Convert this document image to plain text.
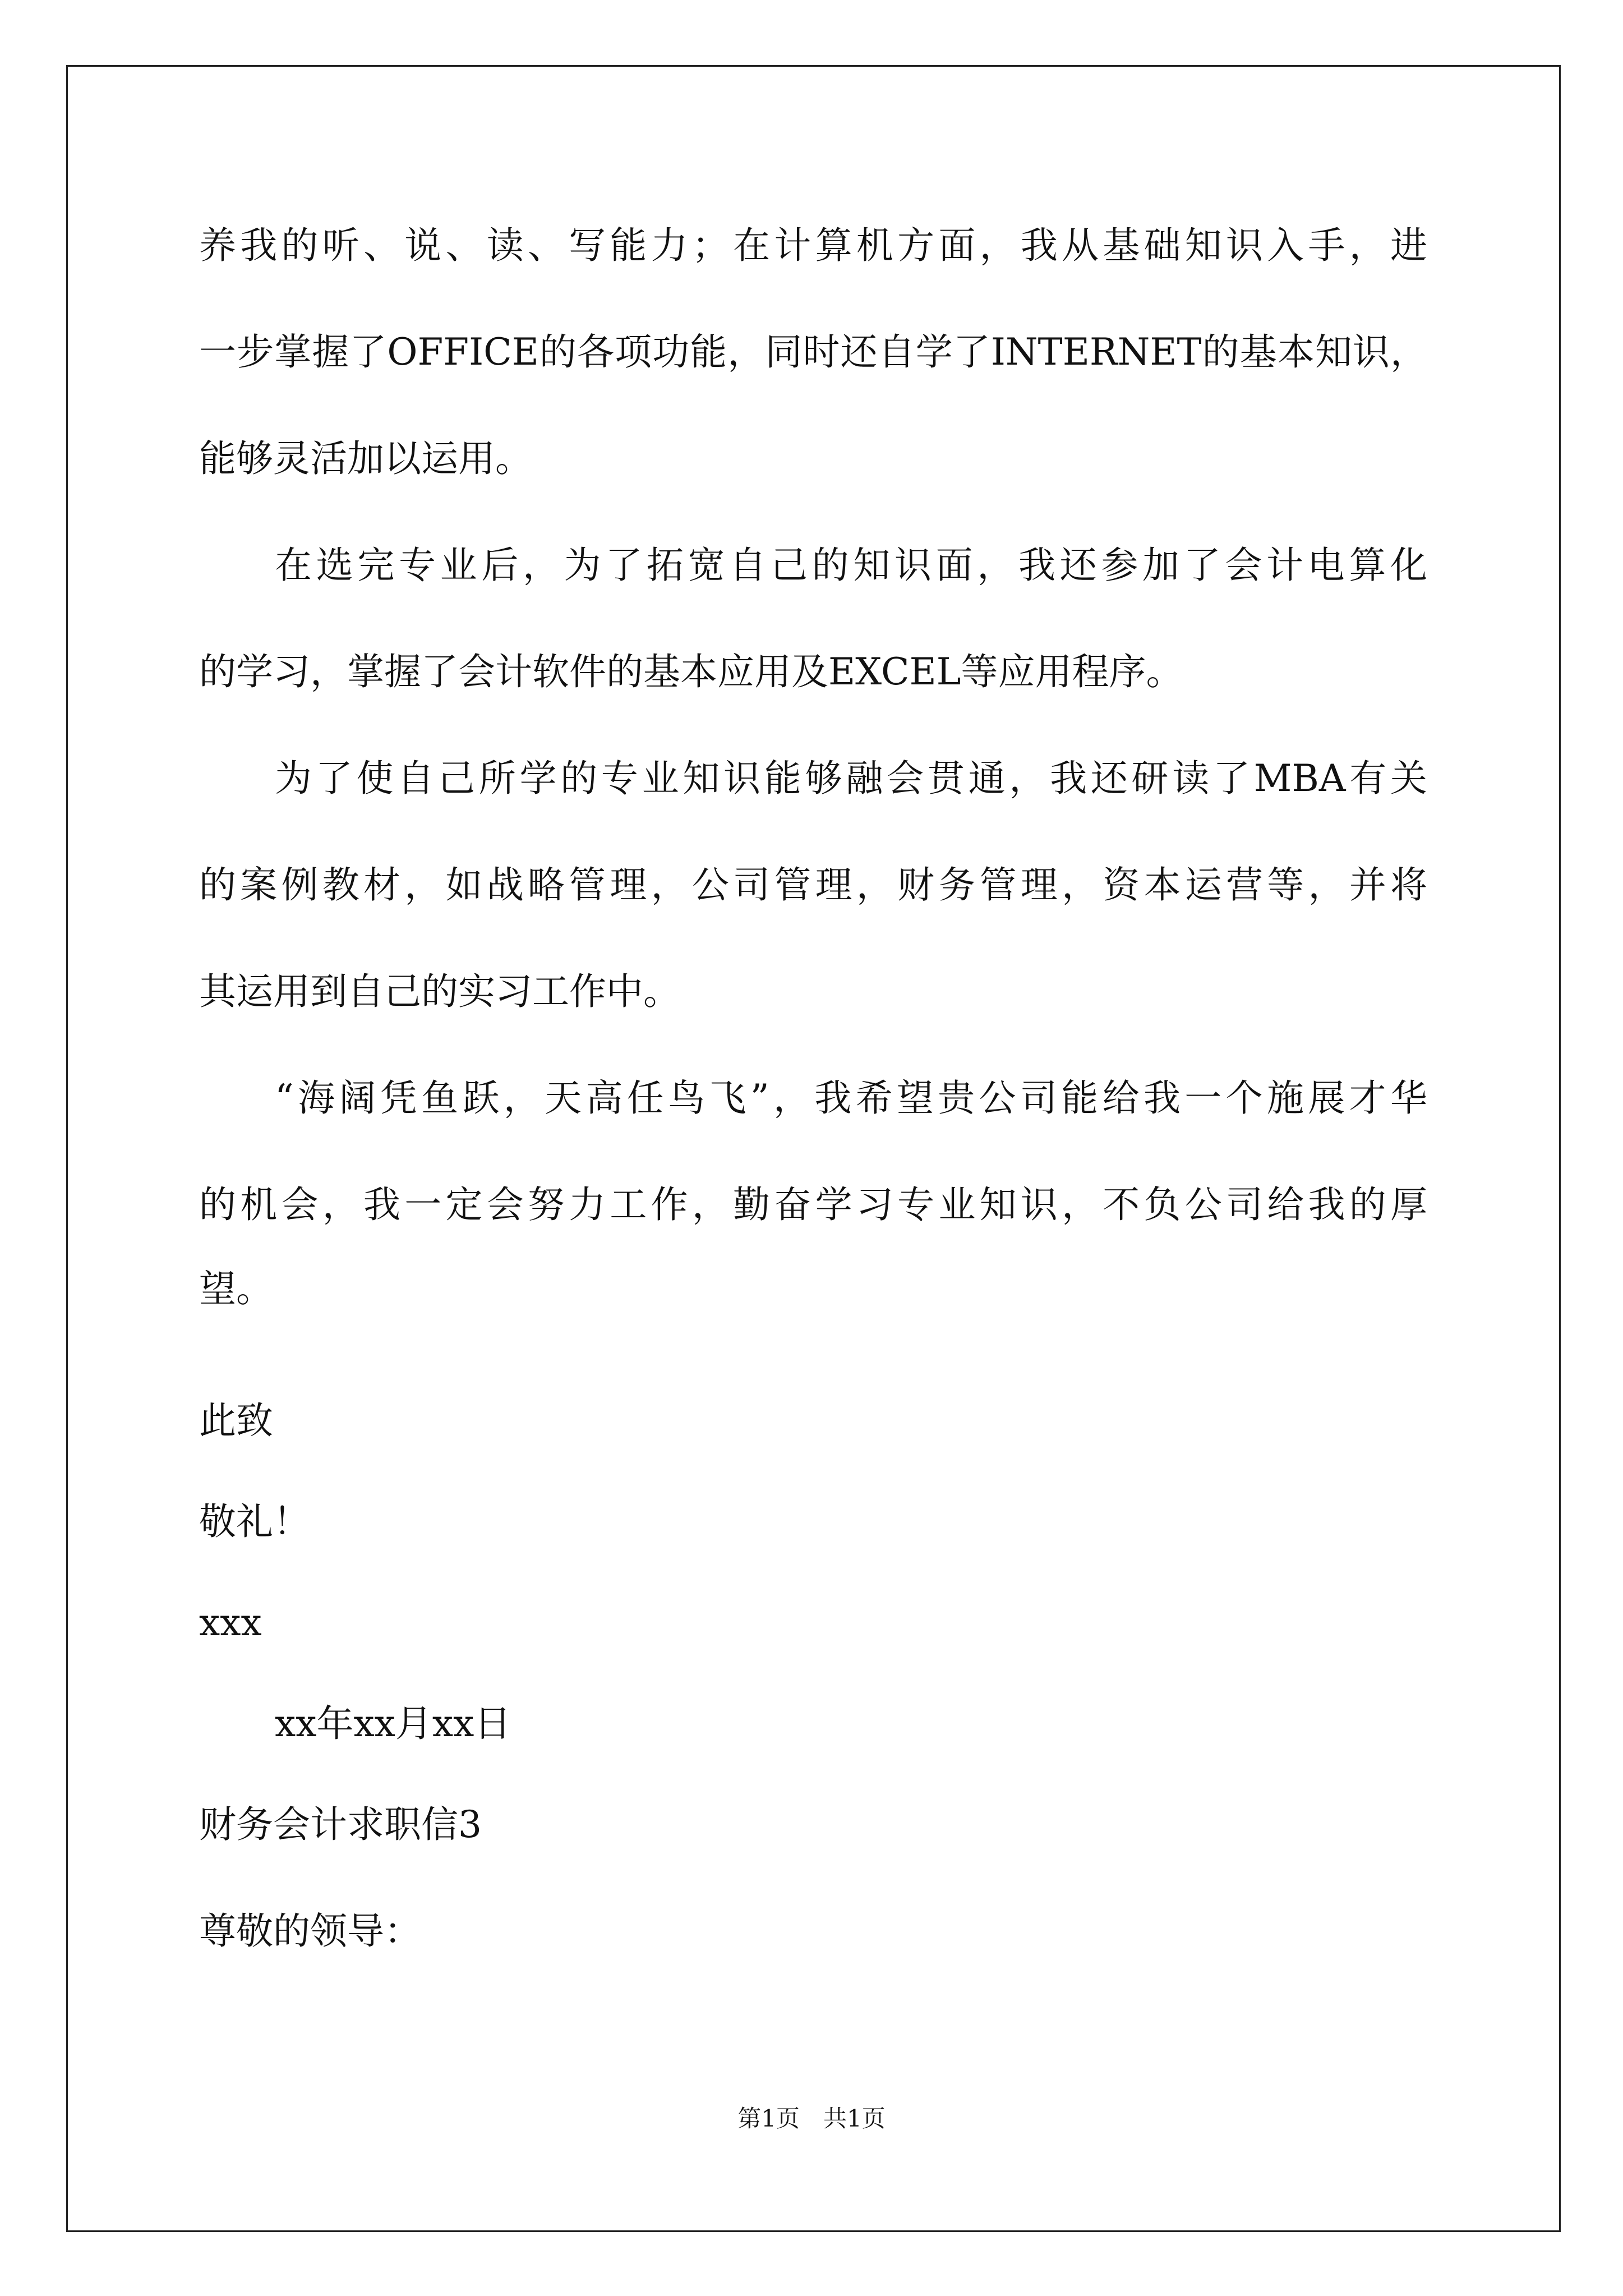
养我的听、说、读、写能力；在计算机方面，我从基础知识入手，进

一步掌握了OFFICE的各项功能，同时还自学了INTERNET的基本知识，

能够灵活加以运用。

在选完专业后，为了拓宽自己的知识面，我还参加了会计电算化

的学习，掌握了会计软件的基本应用及EXCEL等应用程序。

为了使自己所学的专业知识能够融会贯通，我还研读了MBA有关

的案例教材，如战略管理，公司管理，财务管理，资本运营等，并将

其运用到自己的实习工作中。

“海阔凭鱼跃，天高任鸟飞”，我希望贵公司能给我一个施展才华

的机会，我一定会努力工作，勤奋学习专业知识，不负公司给我的厚

望。

此致

敬礼！

xxx

xx年xx月xx日

财务会计求职信3

尊敬的领导：

第1页　共1页
